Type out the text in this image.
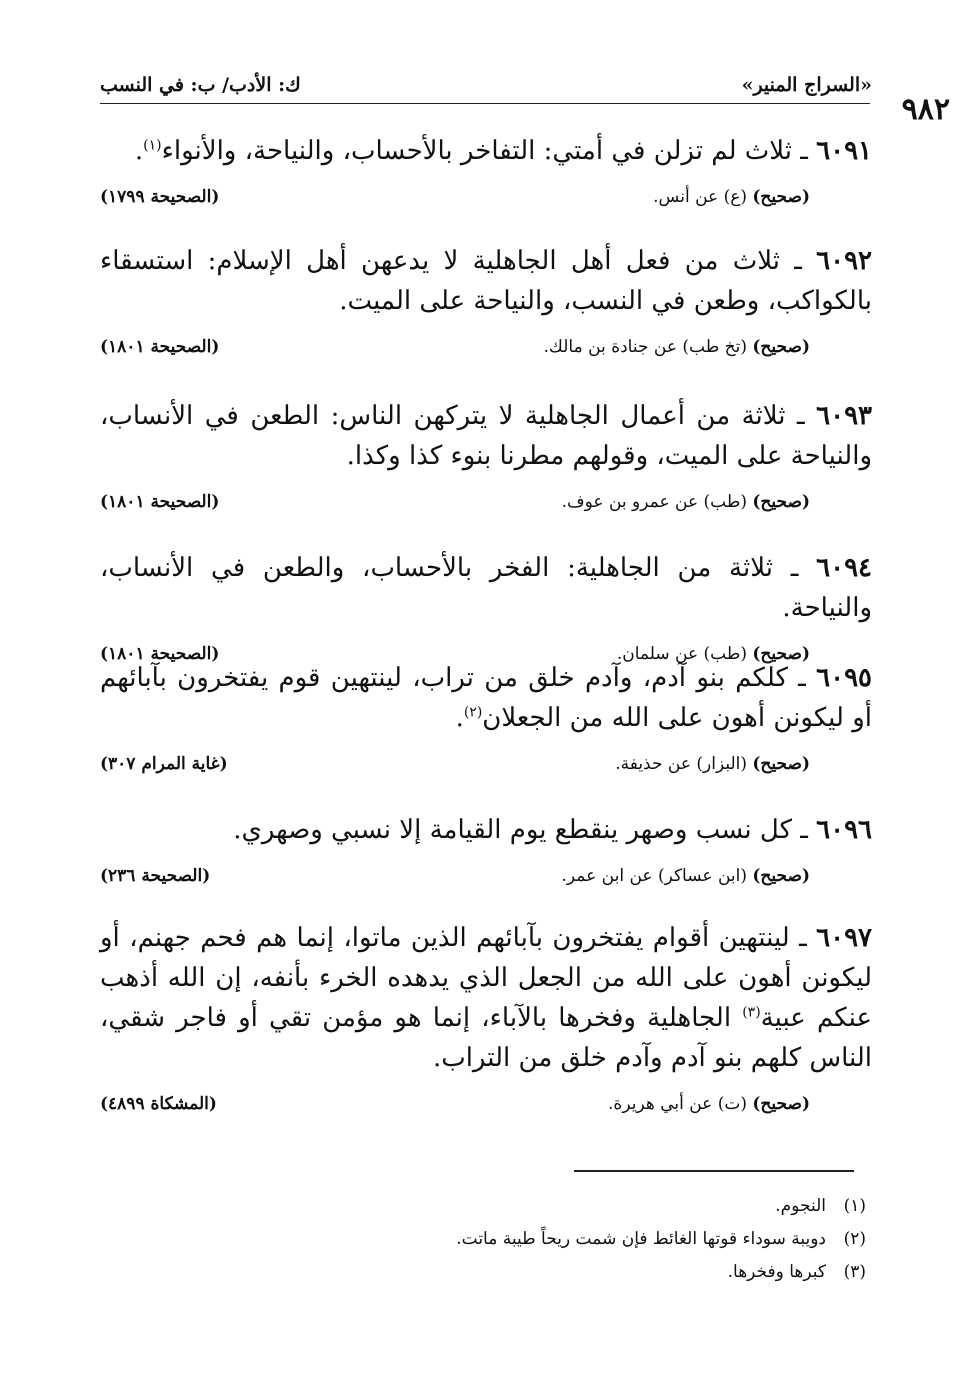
٩٨٢
«السراج المنير»
ك: الأدب/ ب: في النسب

٦٠٩١ ـ ثلاث لم تزلن في أمتي: التفاخر بالأحساب، والنياحة، والأنواء$^{(١)}$.

(صحيح) (ع) عن أنس.
(الصحيحة ١٧٩٩)

٦٠٩٢ ـ ثلاث من فعل أهل الجاهلية لا يدعهن أهل الإسلام: استسقاء بالكواكب، وطعن في النسب، والنياحة على الميت.

(صحيح) (تخ طب) عن جنادة بن مالك.
(الصحيحة ١٨٠١)

٦٠٩٣ ـ ثلاثة من أعمال الجاهلية لا يتركهن الناس: الطعن في الأنساب، والنياحة على الميت، وقولهم مطرنا بنوء كذا وكذا.

(صحيح) (طب) عن عمرو بن عوف.
(الصحيحة ١٨٠١)

٦٠٩٤ ـ ثلاثة من الجاهلية: الفخر بالأحساب، والطعن في الأنساب، والنياحة.

(صحيح) (طب) عن سلمان.
(الصحيحة ١٨٠١)

٦٠٩٥ ـ كلكم بنو آدم، وآدم خلق من تراب، لينتهين قوم يفتخرون بآبائهم أو ليكونن أهون على الله من الجعلان$^{(٢)}$.

(صحيح) (البزار) عن حذيفة.
(غاية المرام ٣٠٧)

٦٠٩٦ ـ كل نسب وصهر ينقطع يوم القيامة إلا نسبي وصهري.

(صحيح) (ابن عساكر) عن ابن عمر.
(الصحيحة ٢٣٦)

٦٠٩٧ ـ لينتهين أقوام يفتخرون بآبائهم الذين ماتوا، إنما هم فحم جهنم، أو ليكونن أهون على الله من الجعل الذي يدهده الخرء بأنفه، إن الله أذهب عنكم عبية$^{(٣)}$ الجاهلية وفخرها بالآباء، إنما هو مؤمن تقي أو فاجر شقي، الناس كلهم بنو آدم وآدم خلق من التراب.

(صحيح) (ت) عن أبي هريرة.
(المشكاة ٤٨٩٩)
(١)النجوم.
(٢)دويبة سوداء قوتها الغائط فإن شمت ريحاً طيبة ماتت.
(٣)كبرها وفخرها.
